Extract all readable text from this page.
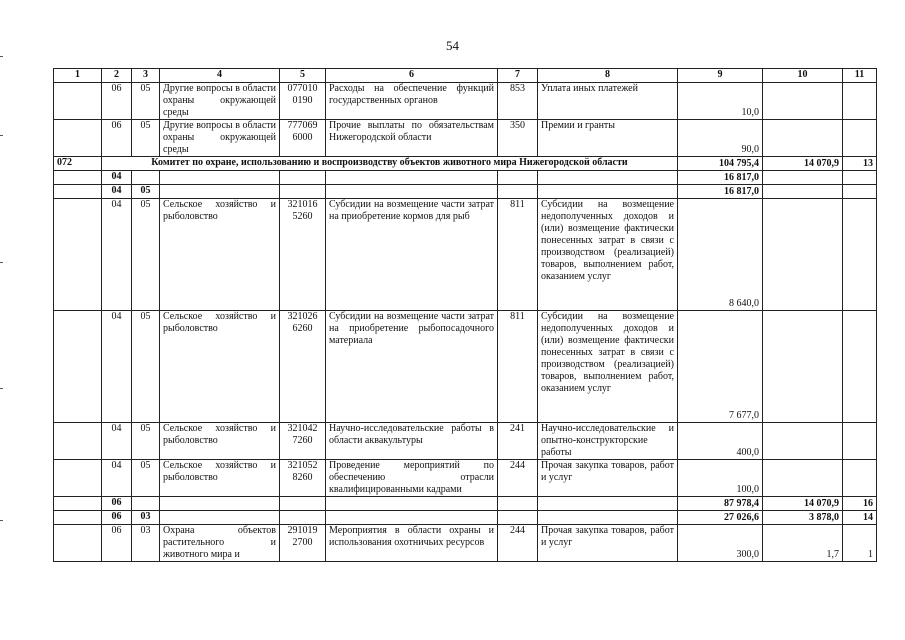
54
1	2	3	4	5	6	7	8	9	10	11
	06	05	Другие вопросы в области охраны окружающей среды	077010 0190	Расходы на обеспечение функций государственных органов	853	Уплата иных платежей	10,0		
	06	05	Другие вопросы в области охраны окружающей среды	777069 6000	Прочие выплаты по обязательствам Нижегородской области	350	Премии и гранты	90,0		
072	Комитет по охране, использованию и воспроизводству объектов животного мира Нижегородской области							104 795,4	14 070,9	13
	04							16 817,0		
	04	05						16 817,0		
	04	05	Сельское хозяйство и рыболовство	321016 5260	Субсидии на возмещение части затрат на приобретение кормов для рыб	811	Субсидии на возмещение недополученных доходов и (или) возмещение фактически понесенных затрат в связи с производством (реализацией) товаров, выполнением работ, оказанием услуг	8 640,0		
	04	05	Сельское хозяйство и рыболовство	321026 6260	Субсидии на возмещение части затрат на приобретение рыбопосадочного материала	811	Субсидии на возмещение недополученных доходов и (или) возмещение фактически понесенных затрат в связи с производством (реализацией) товаров, выполнением работ, оказанием услуг	7 677,0		
	04	05	Сельское хозяйство и рыболовство	321042 7260	Научно-исследовательские работы в области аквакультуры	241	Научно-исследовательские и опытно-конструкторские работы	400,0		
	04	05	Сельское хозяйство и рыболовство	321052 8260	Проведение мероприятий по обеспечению отрасли квалифицированными кадрами	244	Прочая закупка товаров, работ и услуг	100,0		
	06							87 978,4	14 070,9	16
	06	03						27 026,6	3 878,0	14
	06	03	Охрана объектов растительного и животного мира и	291019 2700	Мероприятия в области охраны и использования охотничьих ресурсов	244	Прочая закупка товаров, работ и услуг	300,0	1,7	1
